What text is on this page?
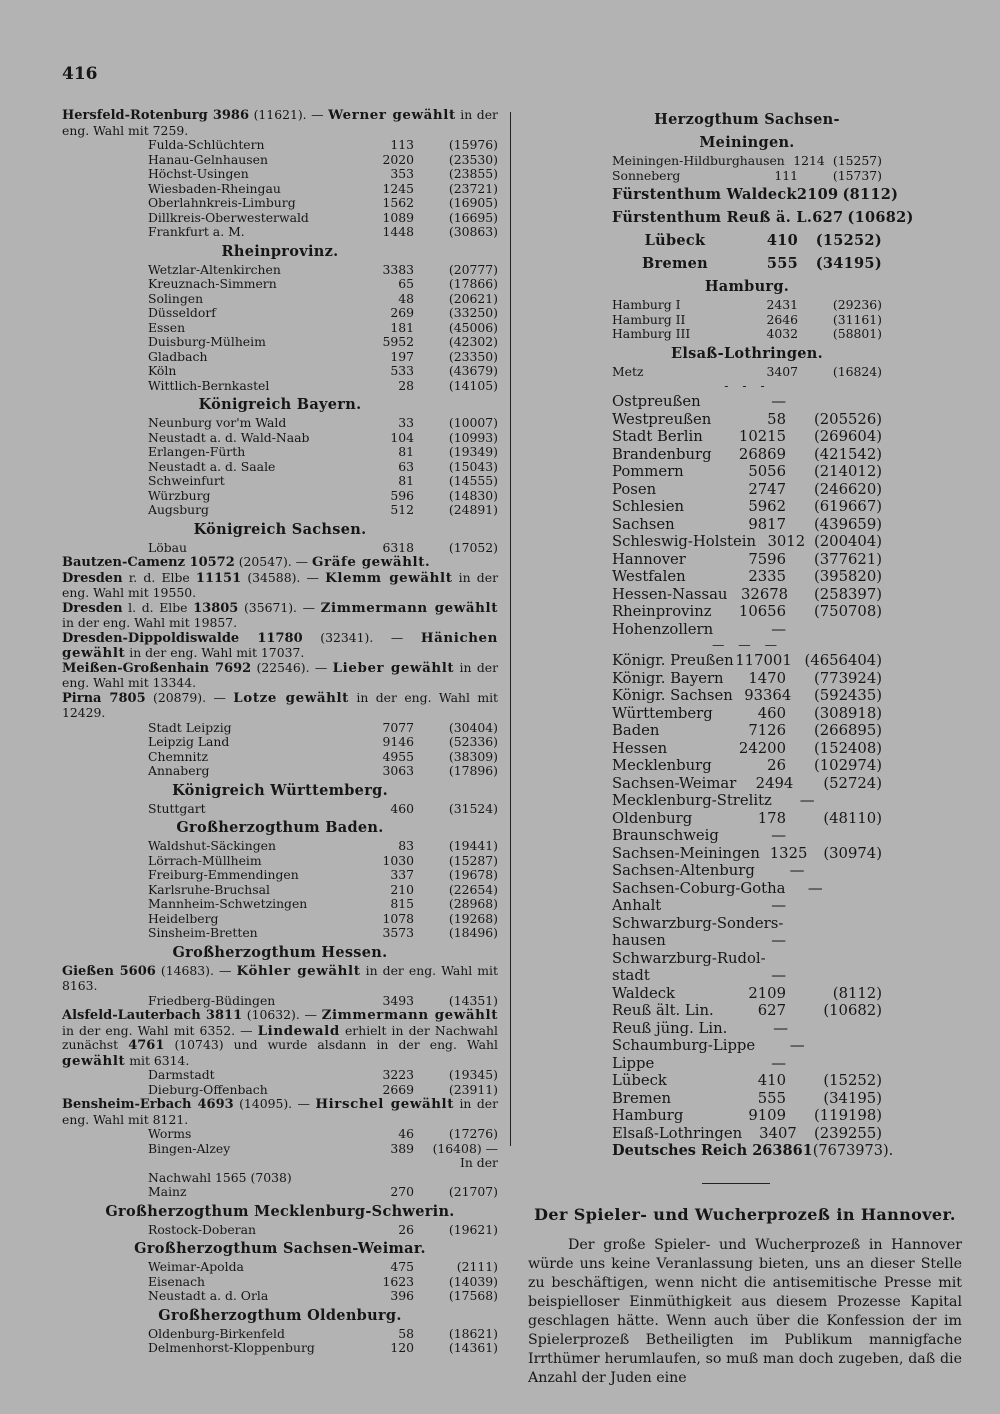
416

Hersfeld-Rotenburg 3986 (11621). — Werner gewählt in der eng. Wahl mit 7259.

Fulda-Schlüchtern	113	(15976)
Hanau-Gelnhausen	2020	(23530)
Höchst-Usingen	353	(23855)
Wiesbaden-Rheingau	1245	(23721)
Oberlahnkreis-Limburg	1562	(16905)
Dillkreis-Oberwesterwald	1089	(16695)
Frankfurt a. M.	1448	(30863)
Rheinprovinz.
Wetzlar-Altenkirchen	3383	(20777)
Kreuznach-Simmern	65	(17866)
Solingen	48	(20621)
Düsseldorf	269	(33250)
Essen	181	(45006)
Duisburg-Mülheim	5952	(42302)
Gladbach	197	(23350)
Köln	533	(43679)
Wittlich-Bernkastel	28	(14105)
Königreich Bayern.
Neunburg vor'm Wald	33	(10007)
Neustadt a. d. Wald-Naab	104	(10993)
Erlangen-Fürth	81	(19349)
Neustadt a. d. Saale	63	(15043)
Schweinfurt	81	(14555)
Würzburg	596	(14830)
Augsburg	512	(24891)
Königreich Sachsen.
Löbau	6318	(17052)

Bautzen-Camenz 10572 (20547). — Gräfe gewählt.

Dresden r. d. Elbe 11151 (34588). — Klemm gewählt in der eng. Wahl mit 19550.

Dresden l. d. Elbe 13805 (35671). — Zimmermann gewählt in der eng. Wahl mit 19857.

Dresden-Dippoldiswalde 11780 (32341). — Hänichen gewählt in der eng. Wahl mit 17037.

Meißen-Großenhain 7692 (22546). — Lieber gewählt in der eng. Wahl mit 13344.

Pirna 7805 (20879). — Lotze gewählt in der eng. Wahl mit 12429.

Stadt Leipzig	7077	(30404)
Leipzig Land	9146	(52336)
Chemnitz	4955	(38309)
Annaberg	3063	(17896)
Königreich Württemberg.
Stuttgart	460	(31524)
Großherzogthum Baden.
Waldshut-Säckingen	83	(19441)
Lörrach-Müllheim	1030	(15287)
Freiburg-Emmendingen	337	(19678)
Karlsruhe-Bruchsal	210	(22654)
Mannheim-Schwetzingen	815	(28968)
Heidelberg	1078	(19268)
Sinsheim-Bretten	3573	(18496)
Großherzogthum Hessen.

Gießen 5606 (14683). — Köhler gewählt in der eng. Wahl mit 8163.

Friedberg-Büdingen	3493	(14351)

Alsfeld-Lauterbach 3811 (10632). — Zimmermann gewählt in der eng. Wahl mit 6352. — Lindewald erhielt in der Nachwahl zunächst 4761 (10743) und wurde alsdann in der eng. Wahl gewählt mit 6314.

Darmstadt	3223	(19345)
Dieburg-Offenbach	2669	(23911)

Bensheim-Erbach 4693 (14095). — Hirschel gewählt in der eng. Wahl mit 8121.

Worms	46	(17276)
Bingen-Alzey	389	(16408) — In der
Nachwahl 1565 (7038)
Mainz	270	(21707)
Großherzogthum Mecklenburg-Schwerin.
Rostock-Doberan	26	(19621)
Großherzogthum Sachsen-Weimar.
Weimar-Apolda	475	(2111)
Eisenach	1623	(14039)
Neustadt a. d. Orla	396	(17568)
Großherzogthum Oldenburg.
Oldenburg-Birkenfeld	58	(18621)
Delmenhorst-Kloppenburg	120	(14361)
Herzogthum Sachsen-Meiningen.
Meiningen-Hildburghausen 1214 (15257)
Sonneberg	111	(15737)
Fürstenthum Waldeck 2109 (8112)
Fürstenthum Reuß ä. L. 627 (10682)
Lübeck	410	(15252)
Bremen	555	(34195)
Hamburg.
Hamburg I	2431	(29236)
Hamburg II	2646	(31161)
Hamburg III	4032	(58801)
Elsaß-Lothringen.
Metz	3407	(16824)
- - -
Ostpreußen	—
Westpreußen	58	(205526)
Stadt Berlin	10215	(269604)
Brandenburg	26869	(421542)
Pommern	5056	(214012)
Posen	2747	(246620)
Schlesien	5962	(619667)
Sachsen	9817	(439659)
Schleswig-Holstein 3012 (200404)
Hannover	7596	(377621)
Westfalen	2335	(395820)
Hessen-Nassau 32678	(258397)
Rheinprovinz	10656	(750708)
Hohenzollern	—
— — —
Königr. Preußen 117001 (4656404)
Königr. Bayern	1470	(773924)
Königr. Sachsen 93364	(592435)
Württemberg	460	(308918)
Baden	7126	(266895)
Hessen	24200	(152408)
Mecklenburg	26	(102974)
Sachsen-Weimar	2494	(52724)
Mecklenburg-Strelitz	—
Oldenburg	178	(48110)
Braunschweig	—
Sachsen-Meiningen 1325	(30974)
Sachsen-Altenburg	—
Sachsen-Coburg-Gotha	—
Anhalt	—
Schwarzburg-Sonders-
hausen	—
Schwarzburg-Rudol-
stadt	—
Waldeck	2109	(8112)
Reuß ält. Lin.	627	(10682)
Reuß jüng. Lin.	—
Schaumburg-Lippe	—
Lippe	—
Lübeck	410	(15252)
Bremen	555	(34195)
Hamburg	9109	(119198)
Elsaß-Lothringen	3407	(239255)
Deutsches Reich 263861 (7673973).
Der Spieler- und Wucherprozeß in Hannover.

Der große Spieler- und Wucherprozeß in Hannover würde uns keine Veranlassung bieten, uns an dieser Stelle zu beschäftigen, wenn nicht die antisemitische Presse mit beispielloser Einmüthigkeit aus diesem Prozesse Kapital geschlagen hätte. Wenn auch über die Konfession der im Spielerprozeß Betheiligten im Publikum mannigfache Irrthümer herumlaufen, so muß man doch zugeben, daß die Anzahl der Juden eine
